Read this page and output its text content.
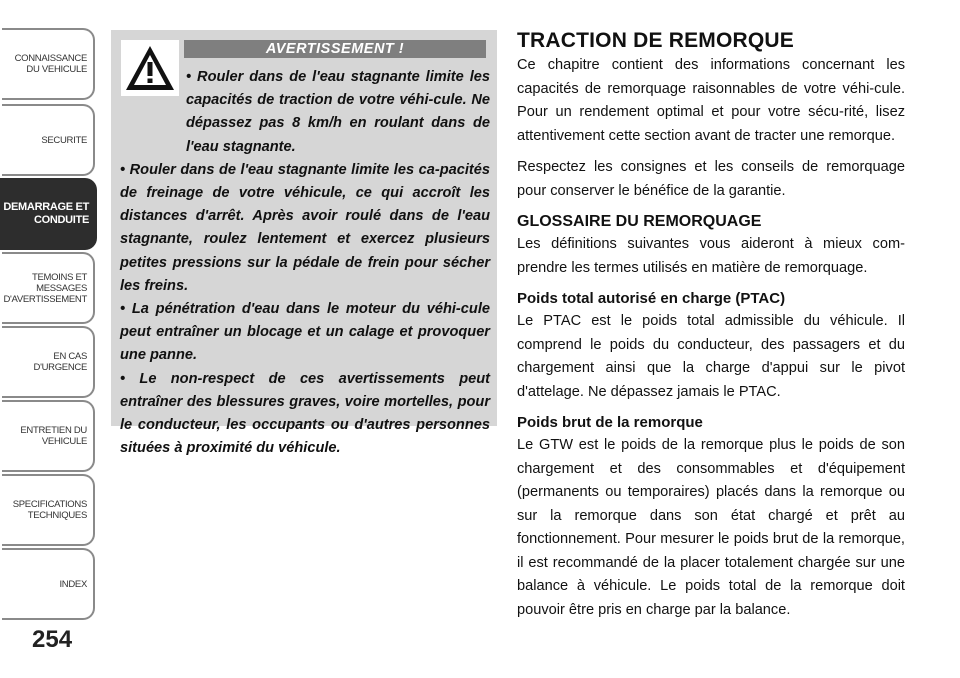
CONNAISSANCE DU VEHICULE
SECURITE
DEMARRAGE ET CONDUITE
TEMOINS ET MESSAGES D'AVERTISSEMENT
EN CAS D'URGENCE
ENTRETIEN DU VEHICULE
SPECIFICATIONS TECHNIQUES
INDEX
254
AVERTISSEMENT !

• Rouler dans de l'eau stagnante limite les capacités de traction de votre véhi-cule. Ne dépassez pas 8 km/h en roulant dans de l'eau stagnante.

• Rouler dans de l'eau stagnante limite les ca-pacités de freinage de votre véhicule, ce qui accroît les distances d'arrêt. Après avoir roulé dans de l'eau stagnante, roulez lentement et exercez plusieurs petites pressions sur la pédale de frein pour sécher les freins.

• La pénétration d'eau dans le moteur du véhi-cule peut entraîner un blocage et un calage et provoquer une panne.

• Le non-respect de ces avertissements peut entraîner des blessures graves, voire mortelles, pour le conducteur, les occupants ou d'autres personnes situées à proximité du véhicule.

TRACTION DE REMORQUE

Ce chapitre contient des informations concernant les capacités de remorquage raisonnables de votre véhi-cule. Pour un rendement optimal et pour votre sécu-rité, lisez attentivement cette section avant de tracter une remorque.

Respectez les consignes et les conseils de remorquage pour conserver le bénéfice de la garantie.

GLOSSAIRE DU REMORQUAGE

Les définitions suivantes vous aideront à mieux com-prendre les termes utilisés en matière de remorquage.

Poids total autorisé en charge (PTAC)

Le PTAC est le poids total admissible du véhicule. Il comprend le poids du conducteur, des passagers et du chargement ainsi que la charge d'appui sur le pivot d'attelage. Ne dépassez jamais le PTAC.

Poids brut de la remorque

Le GTW est le poids de la remorque plus le poids de son chargement et des consommables et d'équipement (permanents ou temporaires) placés dans la remorque ou sur la remorque dans son état chargé et prêt au fonctionnement. Pour mesurer le poids brut de la remorque, il est recommandé de la placer totalement chargée sur une balance à véhicule. Le poids total de la remorque doit pouvoir être pris en charge par la balance.
